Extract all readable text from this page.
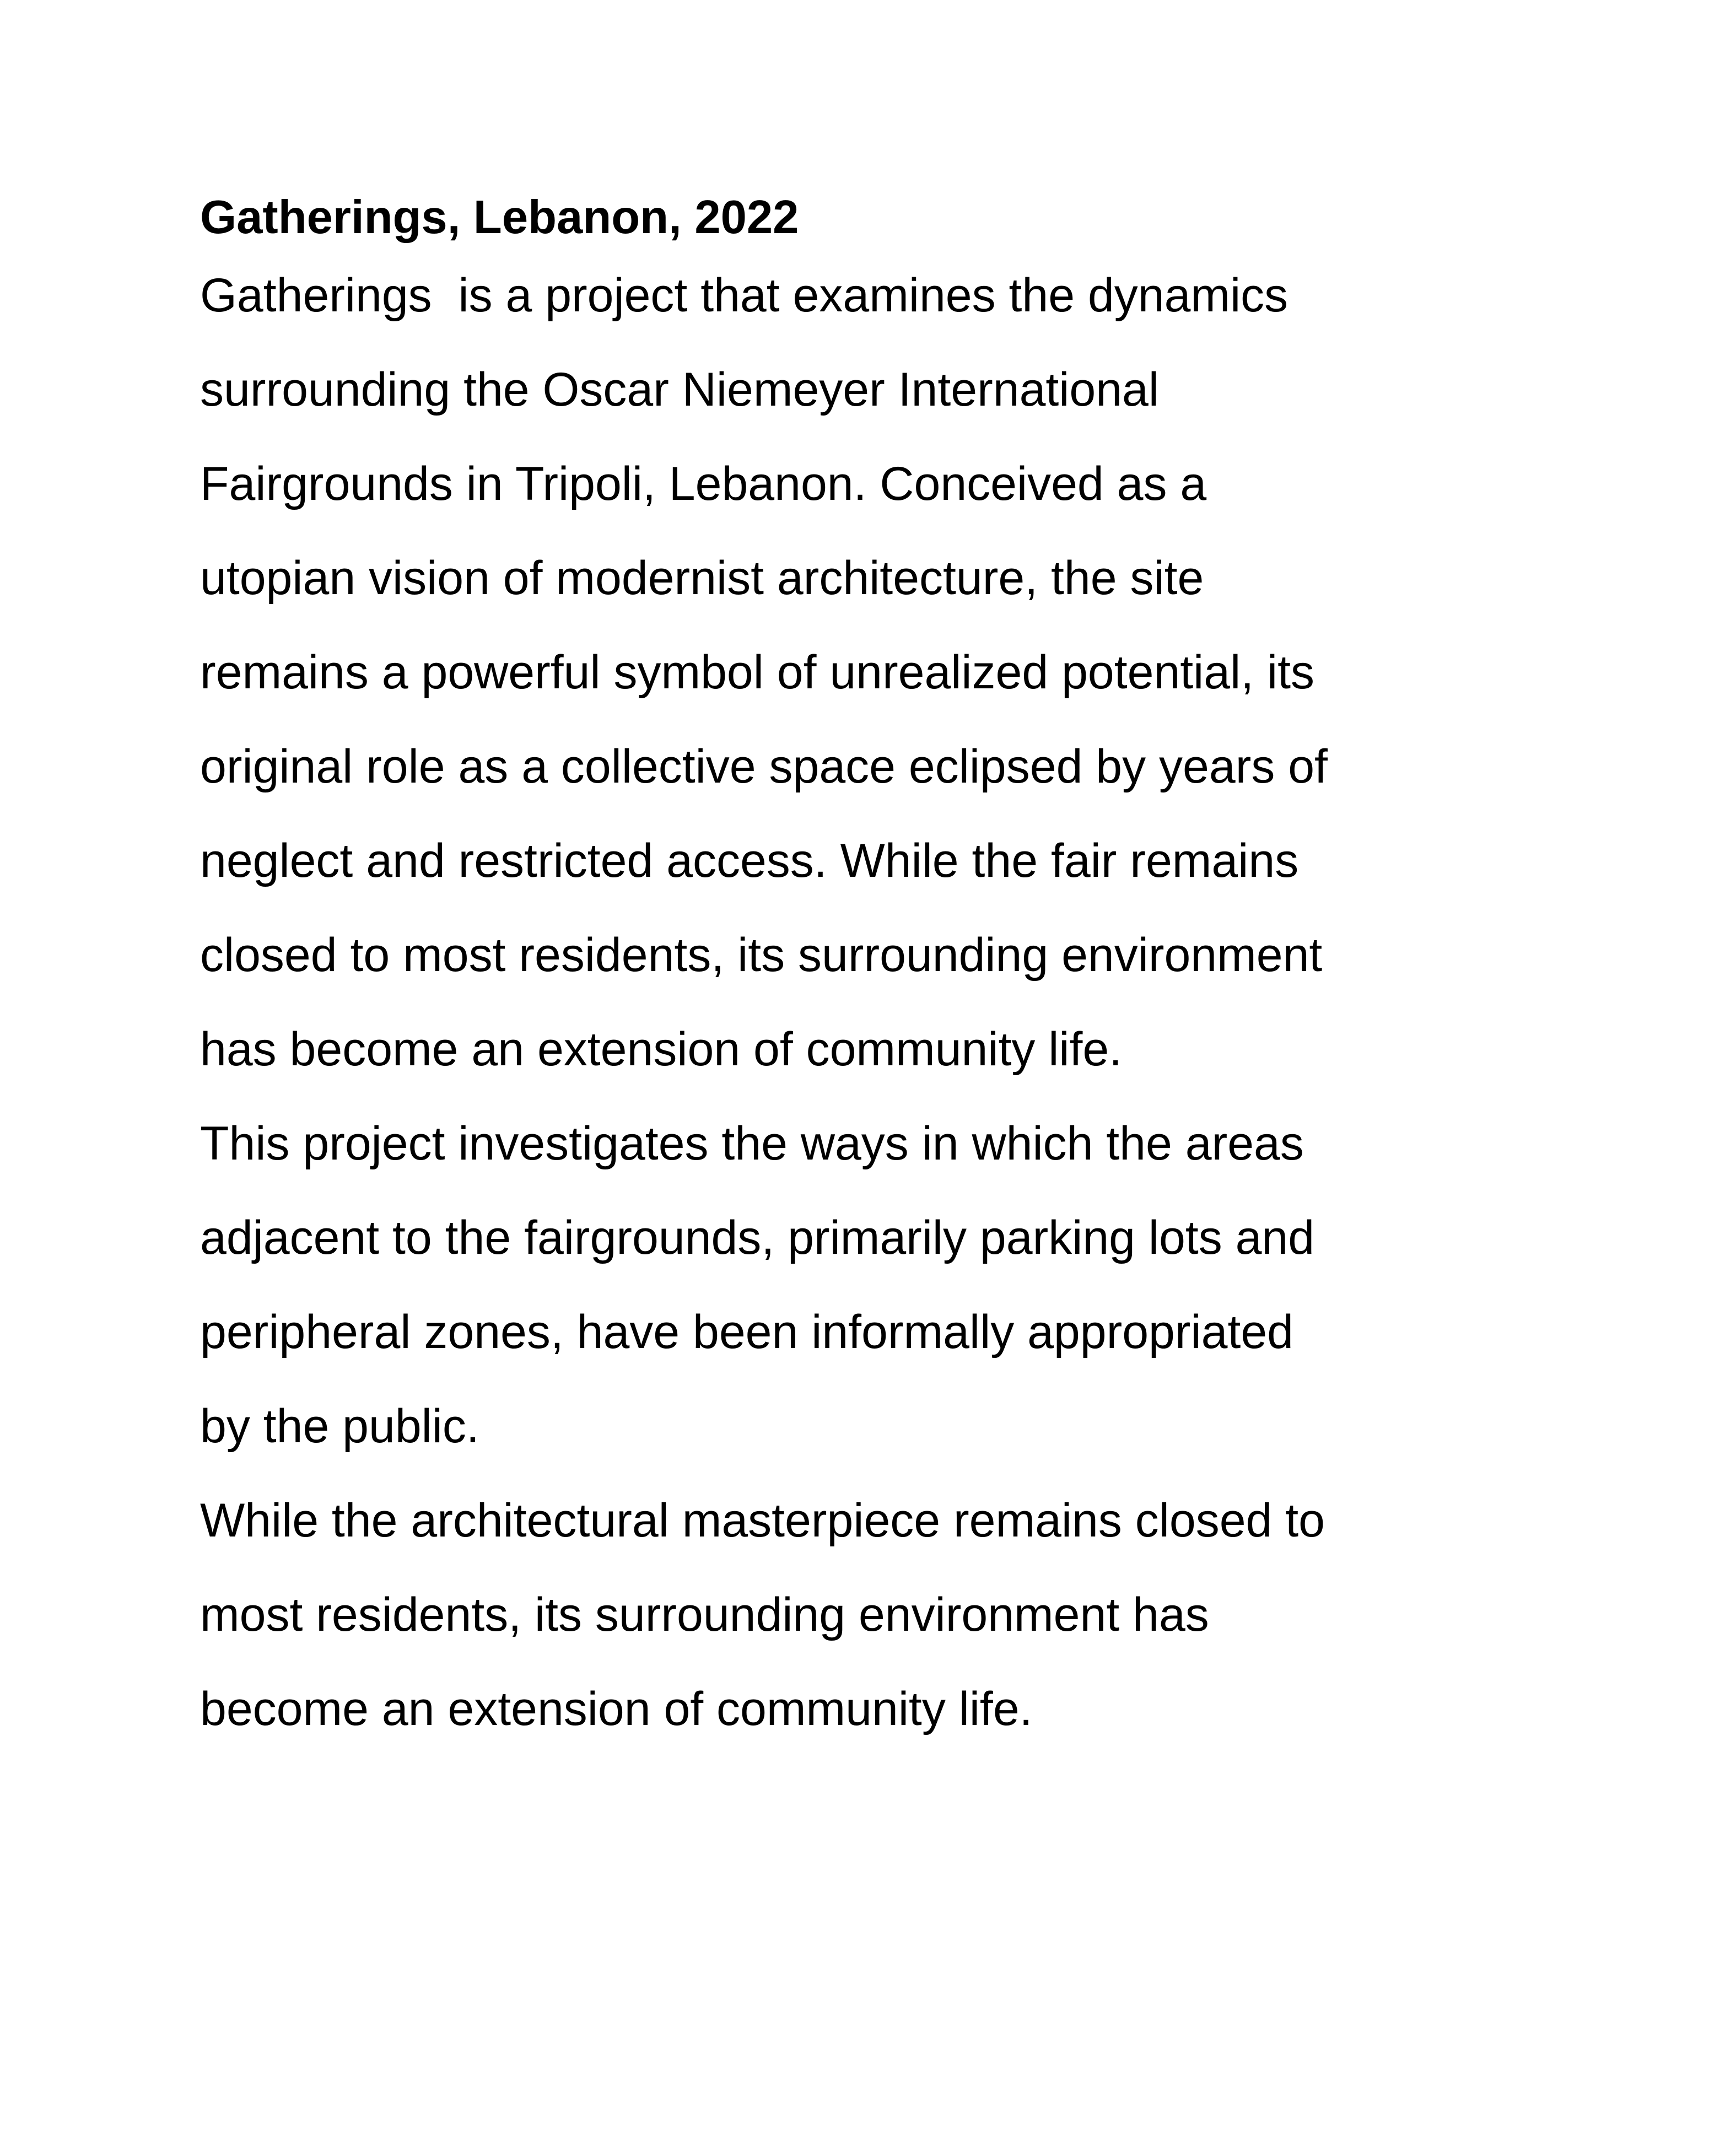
Gatherings, Lebanon, 2022

Gatherings  is a project that examines the dynamics
surrounding the Oscar Niemeyer International
Fairgrounds in Tripoli, Lebanon. Conceived as a
utopian vision of modernist architecture, the site
remains a powerful symbol of unrealized potential, its
original role as a collective space eclipsed by years of
neglect and restricted access. While the fair remains
closed to most residents, its surrounding environment
has become an extension of community life.

This project investigates the ways in which the areas
adjacent to the fairgrounds, primarily parking lots and
peripheral zones, have been informally appropriated
by the public.

While the architectural masterpiece remains closed to
most residents, its surrounding environment has
become an extension of community life.
